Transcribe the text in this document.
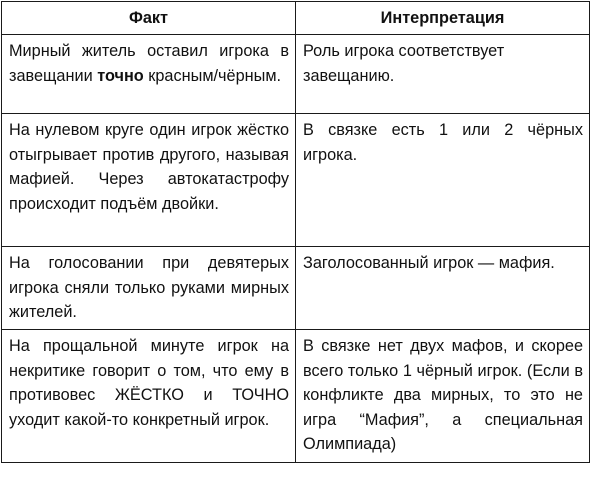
Факт	Интерпретация
Мирный житель оставил игрока в завещании точно красным/чёрным.	Роль игрока соответствует завещанию.
На нулевом круге один игрок жёстко отыгрывает против другого, называя мафией. Через автокатастрофу происходит подъём двойки.	В связке есть 1 или 2 чёрных игрока.
На голосовании при девятерых игрока сняли только руками мирных жителей.	Заголосованный игрок — мафия.
На прощальной минуте игрок на некритике говорит о том, что ему в противовес ЖЁСТКО и ТОЧНО уходит какой-то конкретный игрок.	В связке нет двух мафов, и скорее всего только 1 чёрный игрок. (Если в конфликте два мирных, то это не игра “Мафия”, а специальная Олимпиада)
